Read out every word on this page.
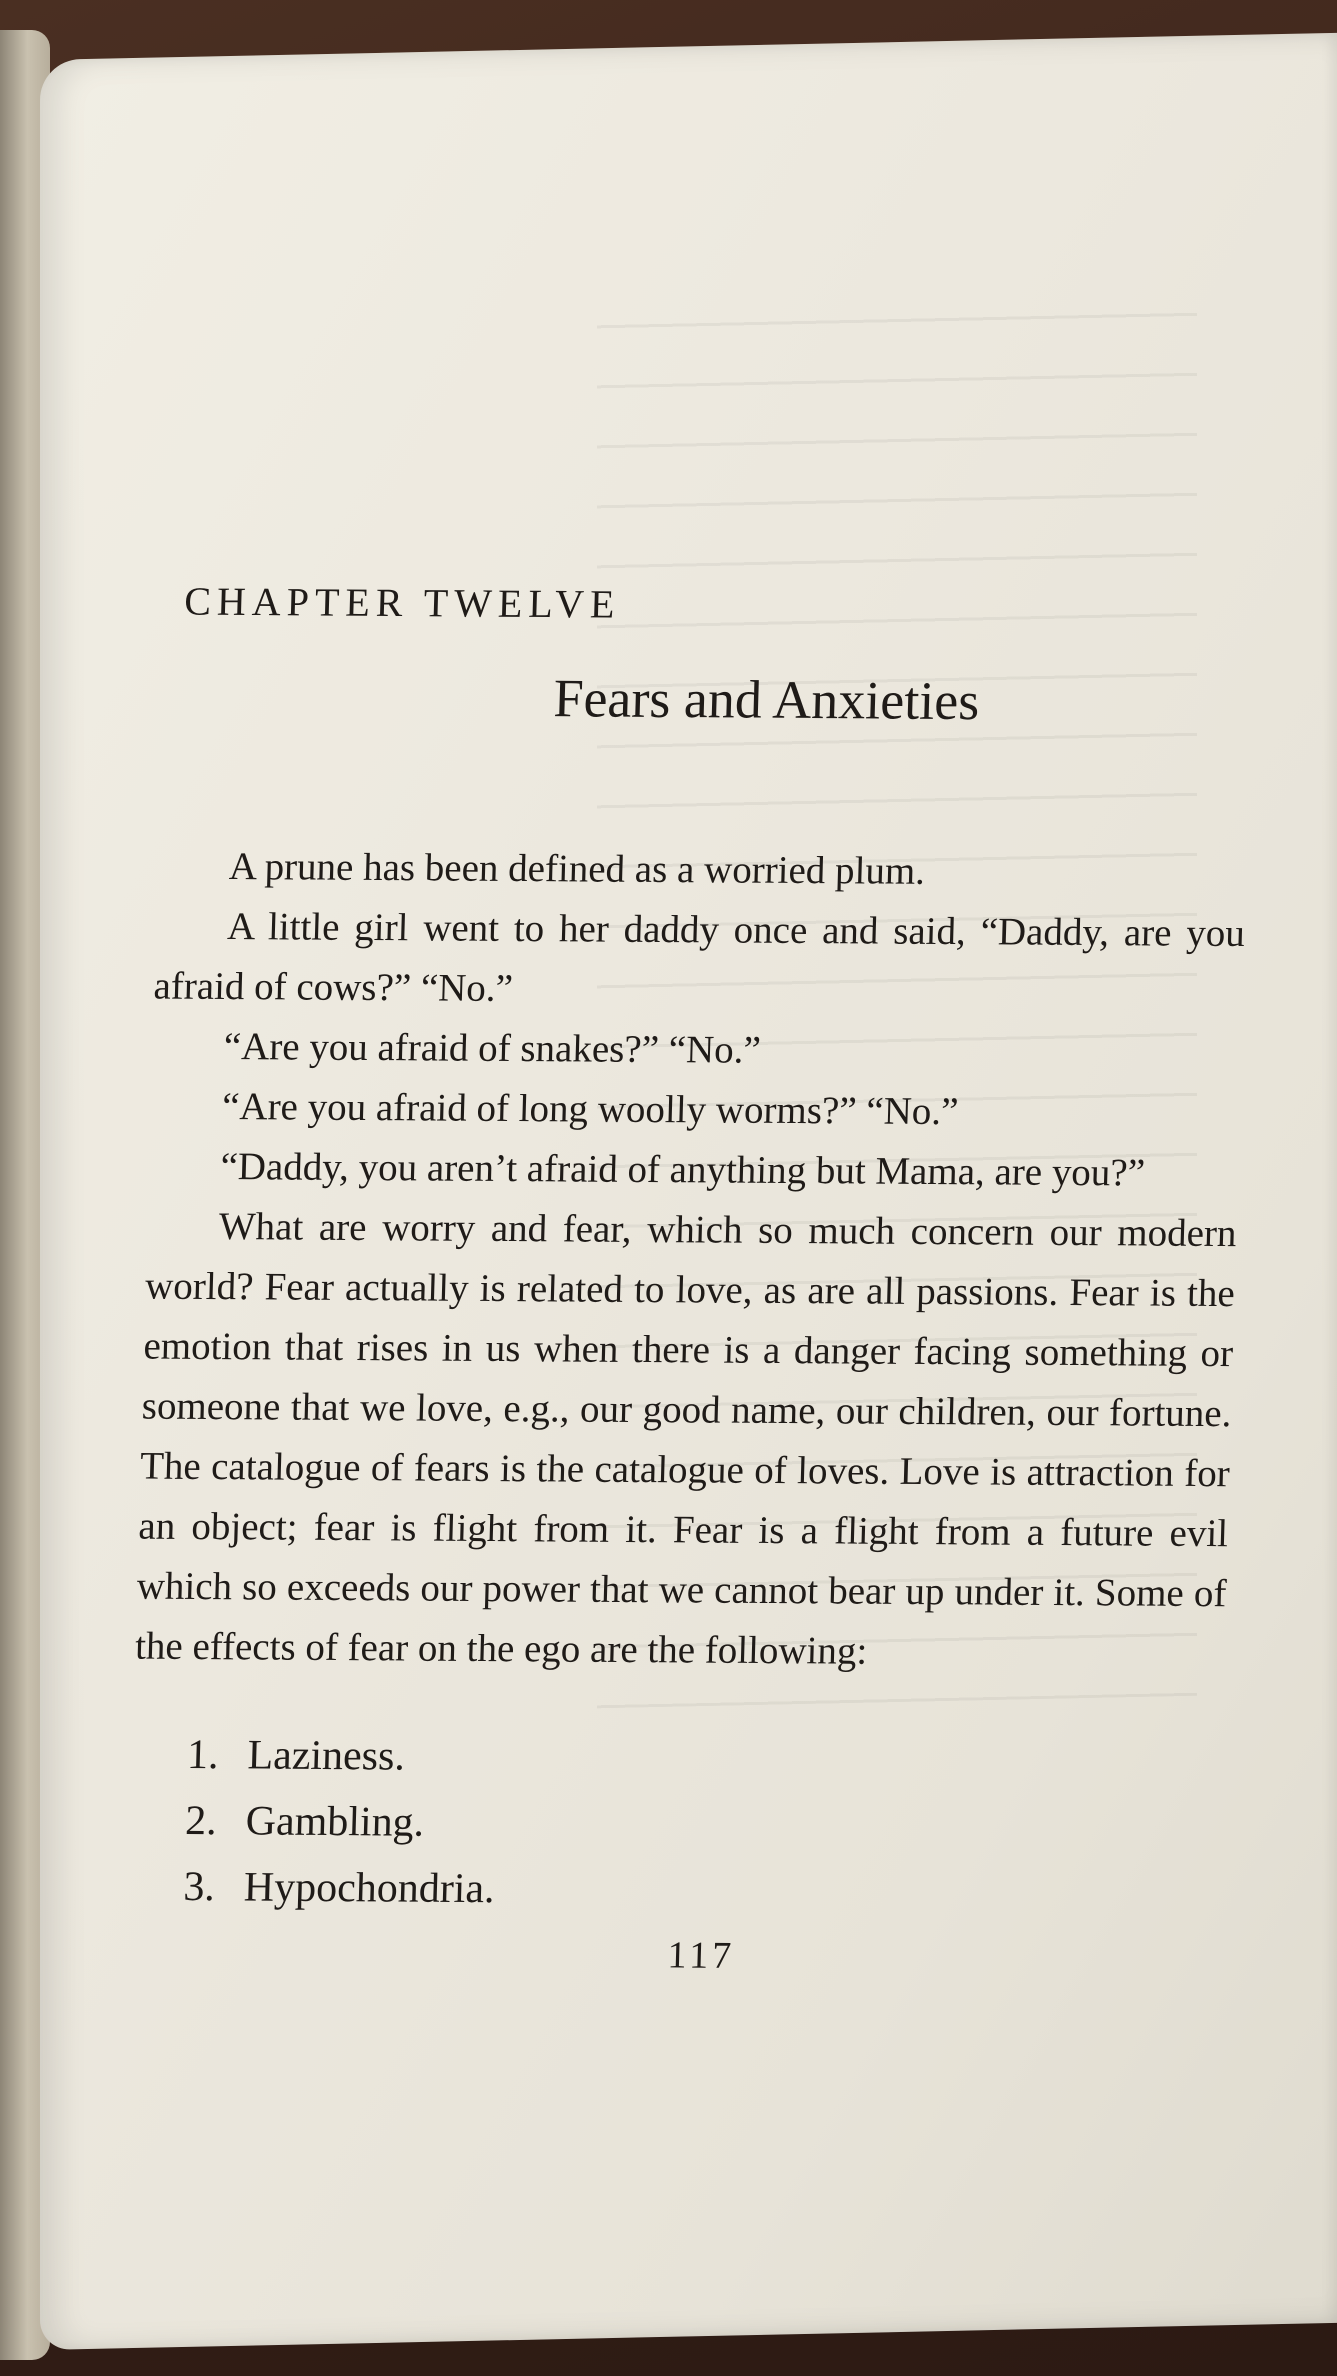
CHAPTER TWELVE
Fears and Anxieties

A prune has been defined as a worried plum.

A little girl went to her daddy once and said, “Daddy, are you afraid of cows?” “No.”

“Are you afraid of snakes?” “No.”

“Are you afraid of long woolly worms?” “No.”

“Daddy, you aren’t afraid of anything but Mama, are you?”

What are worry and fear, which so much concern our modern world? Fear actually is related to love, as are all passions. Fear is the emotion that rises in us when there is a danger facing something or someone that we love, e.g., our good name, our children, our fortune. The catalogue of fears is the catalogue of loves. Love is attraction for an object; fear is flight from it. Fear is a flight from a future evil which so exceeds our power that we cannot bear up under it. Some of the effects of fear on the ego are the following:

1. Laziness.
2. Gambling.
3. Hypochondria.
117
